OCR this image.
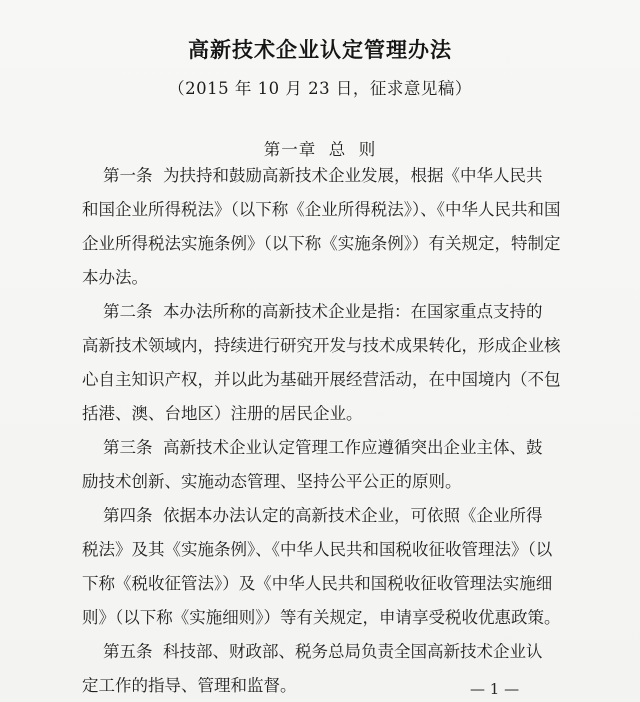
高新技术企业认定管理办法
（2015 年 10 月 23 日，征求意见稿）
第一章  总  则
第一条  为扶持和鼓励高新技术企业发展，根据《中华人民共
和国企业所得税法》（以下称《企业所得税法》）、《中华人民共和国
企业所得税法实施条例》（以下称《实施条例》）有关规定，特制定
本办法。
第二条  本办法所称的高新技术企业是指：在国家重点支持的
高新技术领域内，持续进行研究开发与技术成果转化，形成企业核
心自主知识产权，并以此为基础开展经营活动，在中国境内（不包
括港、澳、台地区）注册的居民企业。
第三条  高新技术企业认定管理工作应遵循突出企业主体、鼓
励技术创新、实施动态管理、坚持公平公正的原则。
第四条  依据本办法认定的高新技术企业，可依照《企业所得
税法》及其《实施条例》、《中华人民共和国税收征收管理法》（以
下称《税收征管法》）及《中华人民共和国税收征收管理法实施细
则》（以下称《实施细则》）等有关规定，申请享受税收优惠政策。
第五条  科技部、财政部、税务总局负责全国高新技术企业认
定工作的指导、管理和监督。	— 1 —
